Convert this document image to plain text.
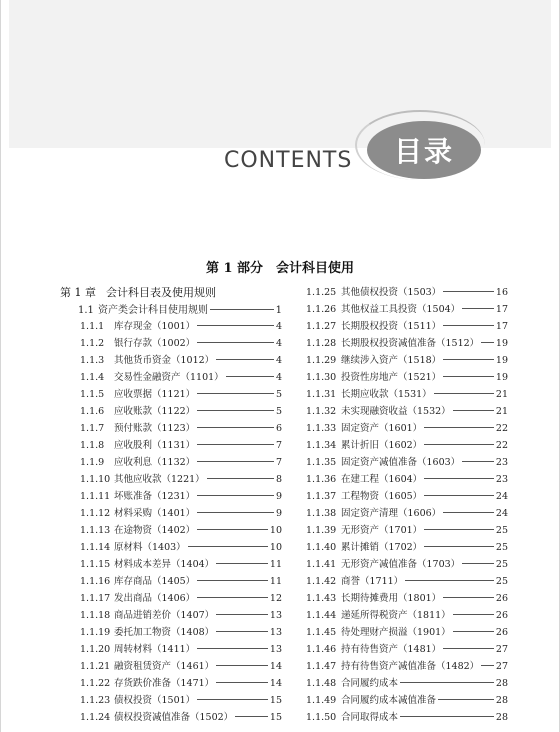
CONTENTS 目录
第 1 部分　会计科目使用
第 1 章 会计科目表及使用规则
1.1 资产类会计科目使用规则	1
1.1.1	库存现金（1001）	4
1.1.2	银行存款（1002）	4
1.1.3	其他货币资金（1012）	4
1.1.4	交易性金融资产（1101）	4
1.1.5	应收票据（1121）	5
1.1.6	应收账款（1122）	5
1.1.7	预付账款（1123）	6
1.1.8	应收股利（1131）	7
1.1.9	应收利息（1132）	7
1.1.10 其他应收款（1221）	8
1.1.11 坏账准备（1231）	9
1.1.12 材料采购（1401）	9
1.1.13 在途物资（1402）	10
1.1.14 原材料（1403）	10
1.1.15 材料成本差异（1404）	11
1.1.16 库存商品（1405）	11
1.1.17 发出商品（1406）	12
1.1.18 商品进销差价（1407）	13
1.1.19 委托加工物资（1408）	13
1.1.20 周转材料（1411）	13
1.1.21 融资租赁资产（1461）	14
1.1.22 存货跌价准备（1471）	14
1.1.23 债权投资（1501）	15
1.1.24 债权投资减值准备（1502）	15
1.1.25 其他债权投资（1503）	16
1.1.26 其他权益工具投资（1504）	17
1.1.27 长期股权投资（1511）	17
1.1.28 长期股权投资减值准备（1512） 19
1.1.29 继续涉入资产（1518）	19
1.1.30 投资性房地产（1521）	19
1.1.31 长期应收款（1531）	21
1.1.32 未实现融资收益（1532）	21
1.1.33 固定资产（1601）	22
1.1.34 累计折旧（1602）	22
1.1.35 固定资产减值准备（1603）	23
1.1.36 在建工程（1604）	23
1.1.37 工程物资（1605）	24
1.1.38 固定资产清理（1606）	24
1.1.39 无形资产（1701）	25
1.1.40 累计摊销（1702）	25
1.1.41 无形资产减值准备（1703）	25
1.1.42 商誉（1711）	25
1.1.43 长期待摊费用（1801）	26
1.1.44 递延所得税资产（1811）	26
1.1.45 待处理财产损溢（1901）	26
1.1.46 持有待售资产（1481）	27
1.1.47 持有待售资产减值准备（1482） 27
1.1.48 合同履约成本	28
1.1.49 合同履约成本减值准备	28
1.1.50 合同取得成本	28
